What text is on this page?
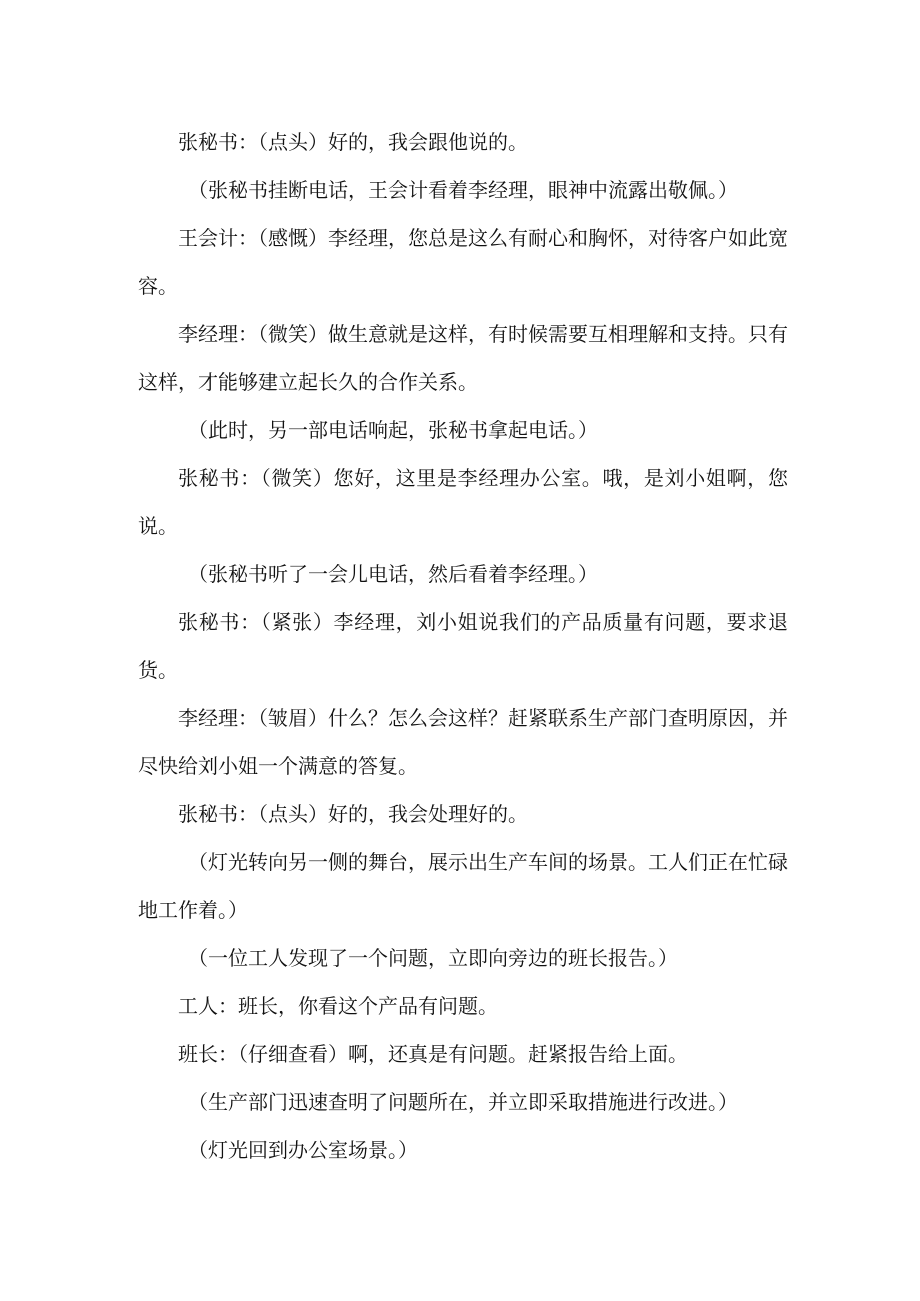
张秘书：（点头）好的，我会跟他说的。

（张秘书挂断电话，王会计看着李经理，眼神中流露出敬佩。）

王会计：（感慨）李经理，您总是这么有耐心和胸怀，对待客户如此宽容。

李经理：（微笑）做生意就是这样，有时候需要互相理解和支持。只有这样，才能够建立起长久的合作关系。

（此时，另一部电话响起，张秘书拿起电话。）

张秘书：（微笑）您好，这里是李经理办公室。哦，是刘小姐啊，您说。

（张秘书听了一会儿电话，然后看着李经理。）

张秘书：（紧张）李经理，刘小姐说我们的产品质量有问题，要求退货。

李经理：（皱眉）什么？怎么会这样？赶紧联系生产部门查明原因，并尽快给刘小姐一个满意的答复。

张秘书：（点头）好的，我会处理好的。

（灯光转向另一侧的舞台，展示出生产车间的场景。工人们正在忙碌地工作着。）

（一位工人发现了一个问题，立即向旁边的班长报告。）

工人：班长，你看这个产品有问题。

班长：（仔细查看）啊，还真是有问题。赶紧报告给上面。

（生产部门迅速查明了问题所在，并立即采取措施进行改进。）

（灯光回到办公室场景。）
